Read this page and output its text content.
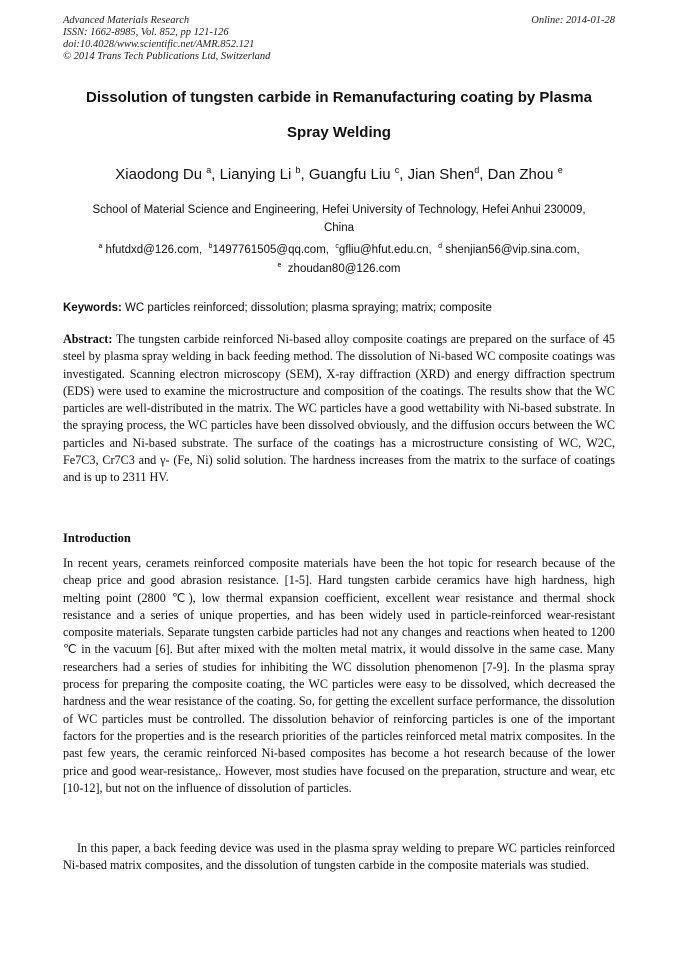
Advanced Materials Research
ISSN: 1662-8985, Vol. 852, pp 121-126
doi:10.4028/www.scientific.net/AMR.852.121
© 2014 Trans Tech Publications Ltd, Switzerland
Online: 2014-01-28
Dissolution of tungsten carbide in Remanufacturing coating by Plasma
Spray Welding
Xiaodong Du $^a$, Lianying Li $^b$, Guangfu Liu $^c$, Jian Shen$^d$, Dan Zhou $^e$
School of Material Science and Engineering, Hefei University of Technology, Hefei Anhui 230009,
China
$^a$ hfutdxd@126.com, $^b$1497761505@qq.com, $^c$gfliu@hfut.edu.cn, $^d$ shenjian56@vip.sina.com,
$^e$ zhoudan80@126.com
Keywords: WC particles reinforced; dissolution; plasma spraying; matrix; composite

Abstract: The tungsten carbide reinforced Ni-based alloy composite coatings are prepared on the surface of 45 steel by plasma spray welding in back feeding method. The dissolution of Ni-based WC composite coatings was investigated. Scanning electron microscopy (SEM), X-ray diffraction (XRD) and energy diffraction spectrum (EDS) were used to examine the microstructure and composition of the coatings. The results show that the WC particles are well-distributed in the matrix. The WC particles have a good wettability with Ni-based substrate. In the spraying process, the WC particles have been dissolved obviously, and the diffusion occurs between the WC particles and Ni-based substrate. The surface of the coatings has a microstructure consisting of WC, W2C, Fe7C3, Cr7C3 and γ- (Fe, Ni) solid solution. The hardness increases from the matrix to the surface of coatings and is up to 2311 HV.

Introduction

In recent years, ceramets reinforced composite materials have been the hot topic for research because of the cheap price and good abrasion resistance. [1-5]. Hard tungsten carbide ceramics have high hardness, high melting point (2800 ℃), low thermal expansion coefficient, excellent wear resistance and thermal shock resistance and a series of unique properties, and has been widely used in particle-reinforced wear-resistant composite materials. Separate tungsten carbide particles had not any changes and reactions when heated to 1200 ℃ in the vacuum [6]. But after mixed with the molten metal matrix, it would dissolve in the same case. Many researchers had a series of studies for inhibiting the WC dissolution phenomenon [7-9]. In the plasma spray process for preparing the composite coating, the WC particles were easy to be dissolved, which decreased the hardness and the wear resistance of the coating. So, for getting the excellent surface performance, the dissolution of WC particles must be controlled. The dissolution behavior of reinforcing particles is one of the important factors for the properties and is the research priorities of the particles reinforced metal matrix composites. In the past few years, the ceramic reinforced Ni-based composites has become a hot research because of the lower price and good wear-resistance,. However, most studies have focused on the preparation, structure and wear, etc [10-12], but not on the influence of dissolution of particles.

In this paper, a back feeding device was used in the plasma spray welding to prepare WC particles reinforced Ni-based matrix composites, and the dissolution of tungsten carbide in the composite materials was studied.
